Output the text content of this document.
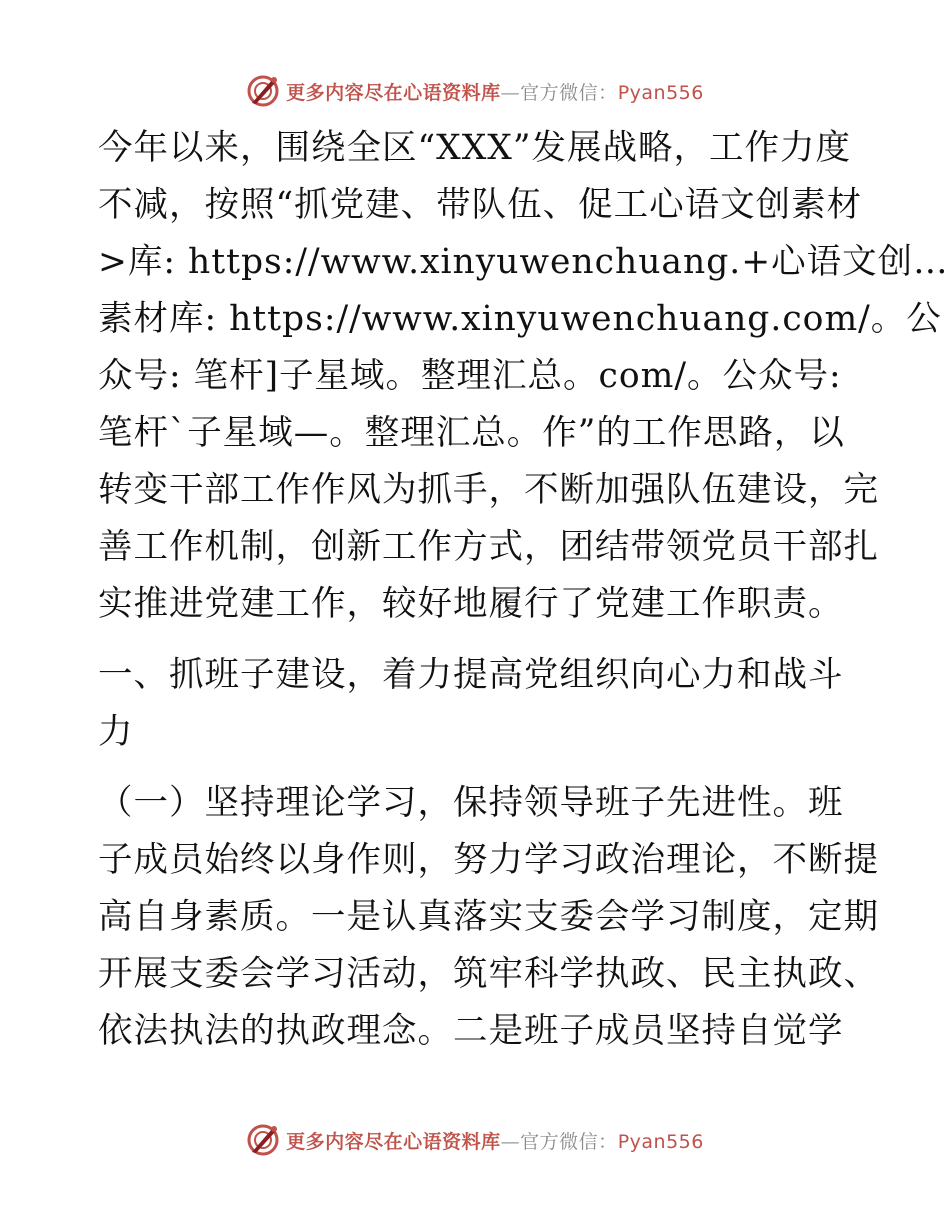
更多内容尽在心语资料库—官方微信：Pyan556
今年以来，围绕全区“XXX”发展战略，工作力度
不减，按照“抓党建、带队伍、促工心语文创素材
>库: https://www.xinyuwenchuang.+心语文创…
素材库: https://www.xinyuwenchuang.com/。公
众号: 笔杆]子星域。整理汇总。com/。公众号:
笔杆`子星域—。整理汇总。作”的工作思路，以
转变干部工作作风为抓手，不断加强队伍建设，完
善工作机制，创新工作方式，团结带领党员干部扎
实推进党建工作，较好地履行了党建工作职责。
一、抓班子建设，着力提高党组织向心力和战斗
力
（一）坚持理论学习，保持领导班子先进性。班
子成员始终以身作则，努力学习政治理论，不断提
高自身素质。一是认真落实支委会学习制度，定期
开展支委会学习活动，筑牢科学执政、民主执政、
依法执法的执政理念。二是班子成员坚持自觉学
更多内容尽在心语资料库—官方微信：Pyan556
